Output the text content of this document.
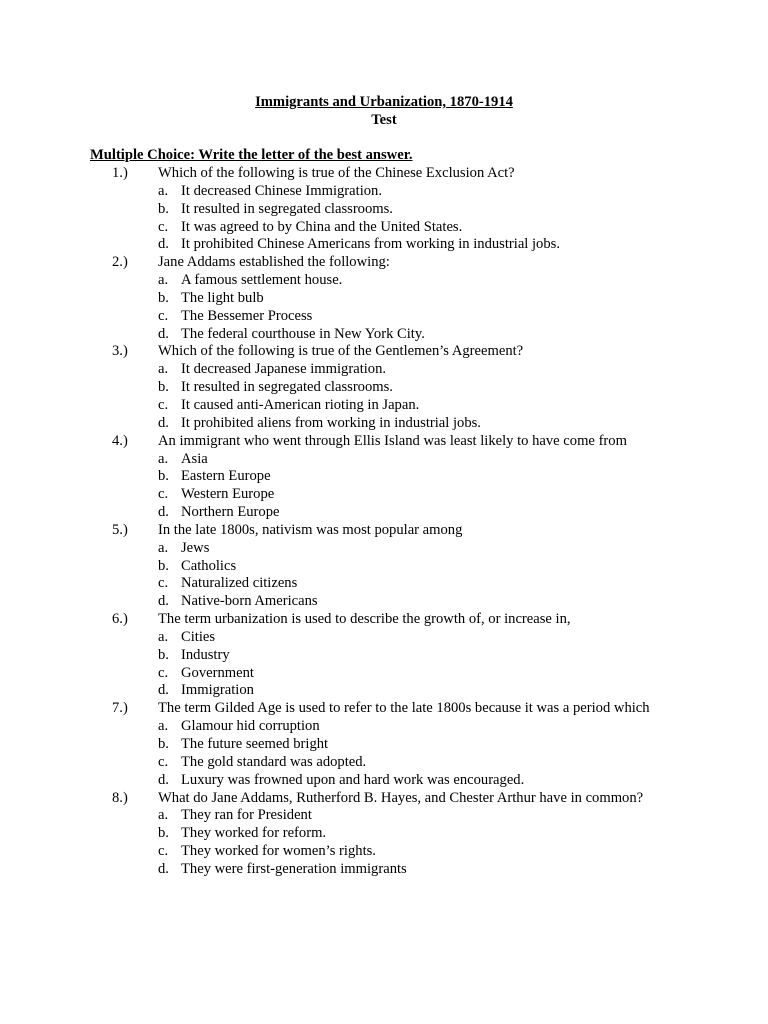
Immigrants and Urbanization, 1870-1914
Test
Multiple Choice: Write the letter of the best answer.
1.) Which of the following is true of the Chinese Exclusion Act?
a. It decreased Chinese Immigration.
b. It resulted in segregated classrooms.
c. It was agreed to by China and the United States.
d. It prohibited Chinese Americans from working in industrial jobs.
2.) Jane Addams established the following:
a. A famous settlement house.
b. The light bulb
c. The Bessemer Process
d. The federal courthouse in New York City.
3.) Which of the following is true of the Gentlemen’s Agreement?
a. It decreased Japanese immigration.
b. It resulted in segregated classrooms.
c. It caused anti-American rioting in Japan.
d. It prohibited aliens from working in industrial jobs.
4.) An immigrant who went through Ellis Island was least likely to have come from
a. Asia
b. Eastern Europe
c. Western Europe
d. Northern Europe
5.) In the late 1800s, nativism was most popular among
a. Jews
b. Catholics
c. Naturalized citizens
d. Native-born Americans
6.) The term urbanization is used to describe the growth of, or increase in,
a. Cities
b. Industry
c. Government
d. Immigration
7.) The term Gilded Age is used to refer to the late 1800s because it was a period which
a. Glamour hid corruption
b. The future seemed bright
c. The gold standard was adopted.
d. Luxury was frowned upon and hard work was encouraged.
8.) What do Jane Addams, Rutherford B. Hayes, and Chester Arthur have in common?
a. They ran for President
b. They worked for reform.
c. They worked for women’s rights.
d. They were first-generation immigrants
